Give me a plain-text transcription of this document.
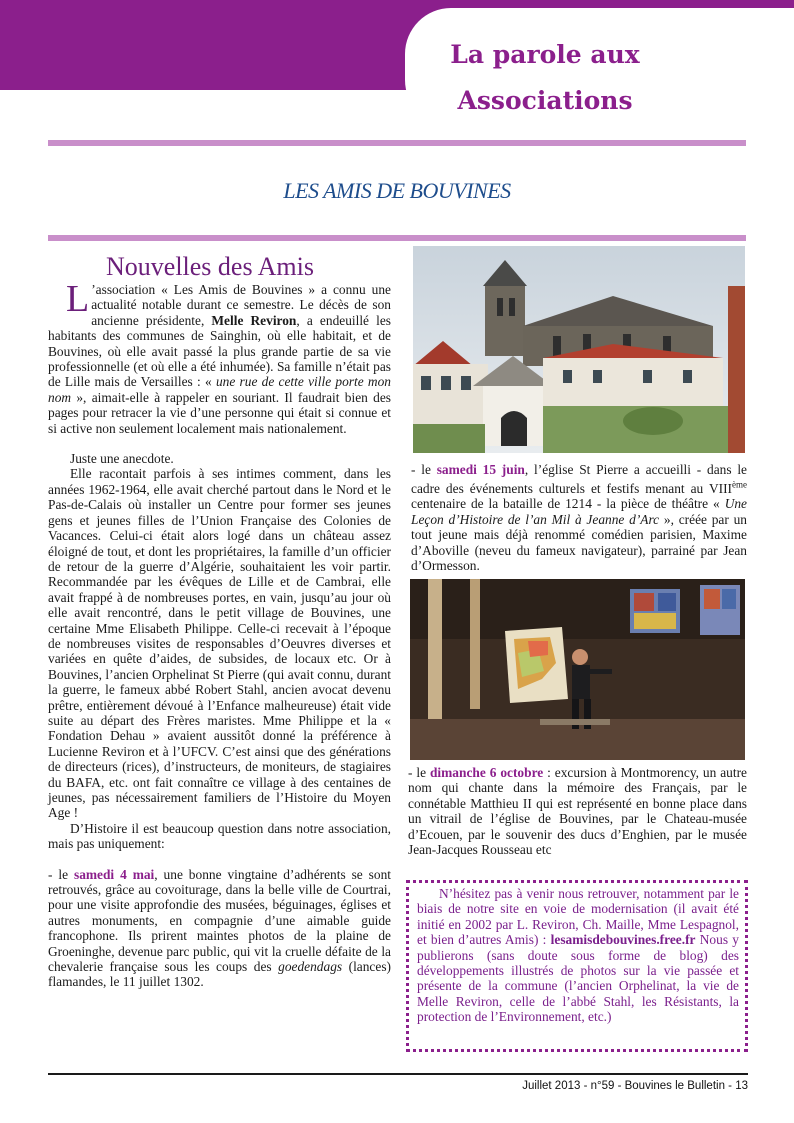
La parole aux
Associations
LES AMIS DE BOUVINES
Nouvelles des Amis

L ’association « Les Amis de Bouvines » a connu une actualité notable durant ce semestre. Le décès de son ancienne présidente, Melle Reviron, a endeuillé les habitants des communes de Sainghin, où elle habitait, et de Bouvines, où elle avait passé la plus grande partie de sa vie professionnelle (et où elle a été inhumée). Sa famille n’était pas de Lille mais de Versailles : « une rue de cette ville porte mon nom », aimait-elle à rappeler en souriant. Il faudrait bien des pages pour retracer la vie d’une personne qui était si connue et si active non seulement localement mais nationalement.

Juste une anecdote.

Elle racontait parfois à ses intimes comment, dans les années 1962-1964, elle avait cherché partout dans le Nord et le Pas-de-Calais où installer un Centre pour former ses jeunes gens et jeunes filles de l’Union Française des Colonies de Vacances. Celui-ci était alors logé dans un château assez éloigné de tout, et dont les propriétaires, la famille d’un officier de retour de la guerre d’Algérie, souhaitaient les voir partir. Recommandée par les évêques de Lille et de Cambrai, elle avait frappé à de nombreuses portes, en vain, jusqu’au jour où elle avait rencontré, dans le petit village de Bouvines, une certaine Mme Elisabeth Philippe. Celle-ci recevait à l’époque de nombreuses visites de responsables d’Oeuvres diverses et variées en quête d’aides, de subsides, de locaux etc. Or à Bouvines, l’ancien Orphelinat St Pierre (qui avait connu, durant la guerre, le fameux abbé Robert Stahl, ancien avocat devenu prêtre, entièrement dévoué à l’Enfance malheureuse) était vide suite au départ des Frères maristes. Mme Philippe et la « Fondation Dehau » avaient aussitôt donné la préférence à Lucienne Reviron et à l’UFCV. C’est ainsi que des générations de directeurs (rices), d’instructeurs, de moniteurs, de stagiaires du BAFA, etc. ont fait connaître ce village à des centaines de jeunes, pas nécessairement familiers de l’Histoire du Moyen Age !

D’Histoire il est beaucoup question dans notre association, mais pas uniquement:

- le samedi 4 mai, une bonne vingtaine d’adhérents se sont retrouvés, grâce au covoiturage, dans la belle ville de Courtrai, pour une visite approfondie des musées, béguinages, églises et autres monuments, en compagnie d’une aimable guide francophone. Ils prirent maintes photos de la plaine de Groeninghe, devenue parc public, qui vit la cruelle défaite de la chevalerie française sous les coups des goedendags (lances) flamandes, le 11 juillet 1302.

- le samedi 15 juin, l’église St Pierre a accueilli - dans le cadre des événements culturels et festifs menant au VIIIème centenaire de la bataille de 1214 - la pièce de théâtre « Une Leçon d’Histoire de l’an Mil à Jeanne d’Arc », créée par un tout jeune mais déjà renommé comédien parisien, Maxime d’Aboville (neveu du fameux navigateur), parrainé par Jean d’Ormesson.

- le dimanche 6 octobre : excursion à Montmorency, un autre nom qui chante dans la mémoire des Français, par le connétable Matthieu II qui est représenté en bonne place dans un vitrail de l’église de Bouvines, par le Chateau-musée d’Ecouen, par le souvenir des ducs d’Enghien, par le musée Jean-Jacques Rousseau etc

N’hésitez pas à venir nous retrouver, notamment par le biais de notre site en voie de modernisation (il avait été initié en 2002 par L. Reviron, Ch. Maille, Mme Lespagnol, et bien d’autres Amis) : lesamisdebouvines.free.fr Nous y publierons (sans doute sous forme de blog) des développements illustrés de photos sur la vie passée et présente de la commune (l’ancien Orphelinat, la vie de Melle Reviron, celle de l’abbé Stahl, les Résistants, la protection de l’Environnement, etc.)

Juillet 2013 - n°59 - Bouvines le Bulletin - 13
